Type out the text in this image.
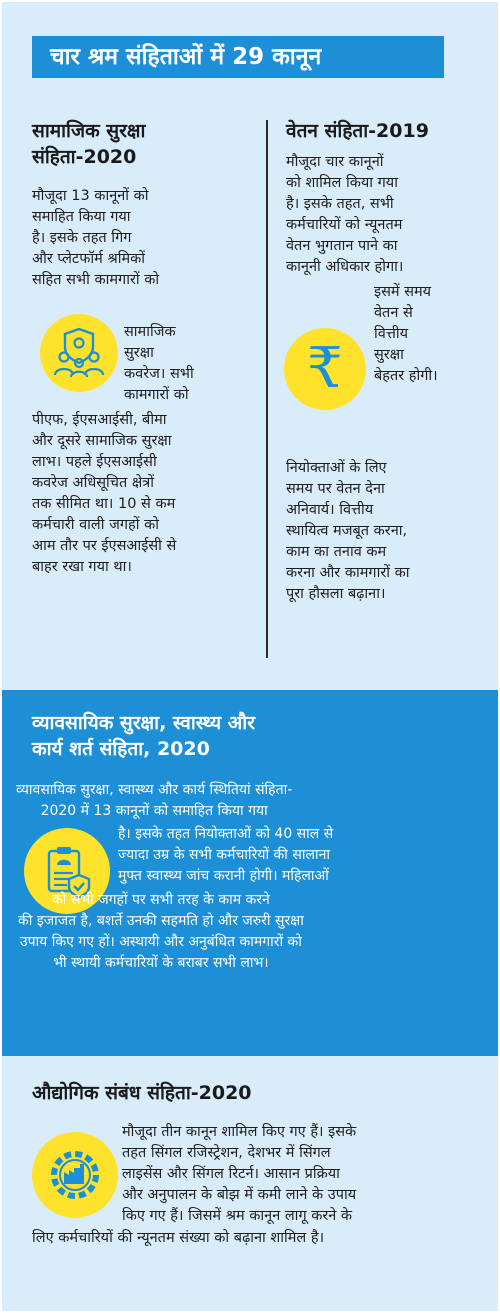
चार श्रम संहिताओं में 29 कानून
सामाजिक सुरक्षा
संहिता-2020
मौजूदा 13 कानूनों को
समाहित किया गया
है। इसके तहत गिग
और प्लेटफॉर्म श्रमिकों
सहित सभी कामगारों को
सामाजिक
सुरक्षा
कवरेज। सभी
कामगारों को
पीएफ, ईएसआईसी, बीमा
और दूसरे सामाजिक सुरक्षा
लाभ। पहले ईएसआईसी
कवरेज अधिसूचित क्षेत्रों
तक सीमित था। 10 से कम
कर्मचारी वाली जगहों को
आम तौर पर ईएसआईसी से
बाहर रखा गया था।
वेतन संहिता-2019
मौजूदा चार कानूनों
को शामिल किया गया
है। इसके तहत, सभी
कर्मचारियों को न्यूनतम
वेतन भुगतान पाने का
कानूनी अधिकार होगा।
₹
इसमें समय
वेतन से
वित्तीय
सुरक्षा
बेहतर होगी।
नियोक्ताओं के लिए
समय पर वेतन देना
अनिवार्य। वित्तीय
स्थायित्व मजबूत करना,
काम का तनाव कम
करना और कामगारों का
पूरा हौसला बढ़ाना।
व्यावसायिक सुरक्षा, स्वास्थ्य और
कार्य शर्त संहिता, 2020
व्यावसायिक सुरक्षा, स्वास्थ्य और कार्य स्थितियां संहिता-
2020 में 13 कानूनों को समाहित किया गया
है। इसके तहत नियोक्ताओं को 40 साल से
ज्यादा उम्र के सभी कर्मचारियों की सालाना
मुफ्त स्वास्थ्य जांच करानी होगी। महिलाओं
को सभी जगहों पर सभी तरह के काम करने
की इजाजत है, बशर्ते उनकी सहमति हो और जरुरी सुरक्षा
उपाय किए गए हों। अस्थायी और अनुबंधित कामगारों को
भी स्थायी कर्मचारियों के बराबर सभी लाभ।
औद्योगिक संबंध संहिता-2020
मौजूदा तीन कानून शामिल किए गए हैं। इसके
तहत सिंगल रजिस्ट्रेशन, देशभर में सिंगल
लाइसेंस और सिंगल रिटर्न। आसान प्रक्रिया
और अनुपालन के बोझ में कमी लाने के उपाय
किए गए हैं। जिसमें श्रम कानून लागू करने के
लिए कर्मचारियों की न्यूनतम संख्या को बढ़ाना शामिल है।
